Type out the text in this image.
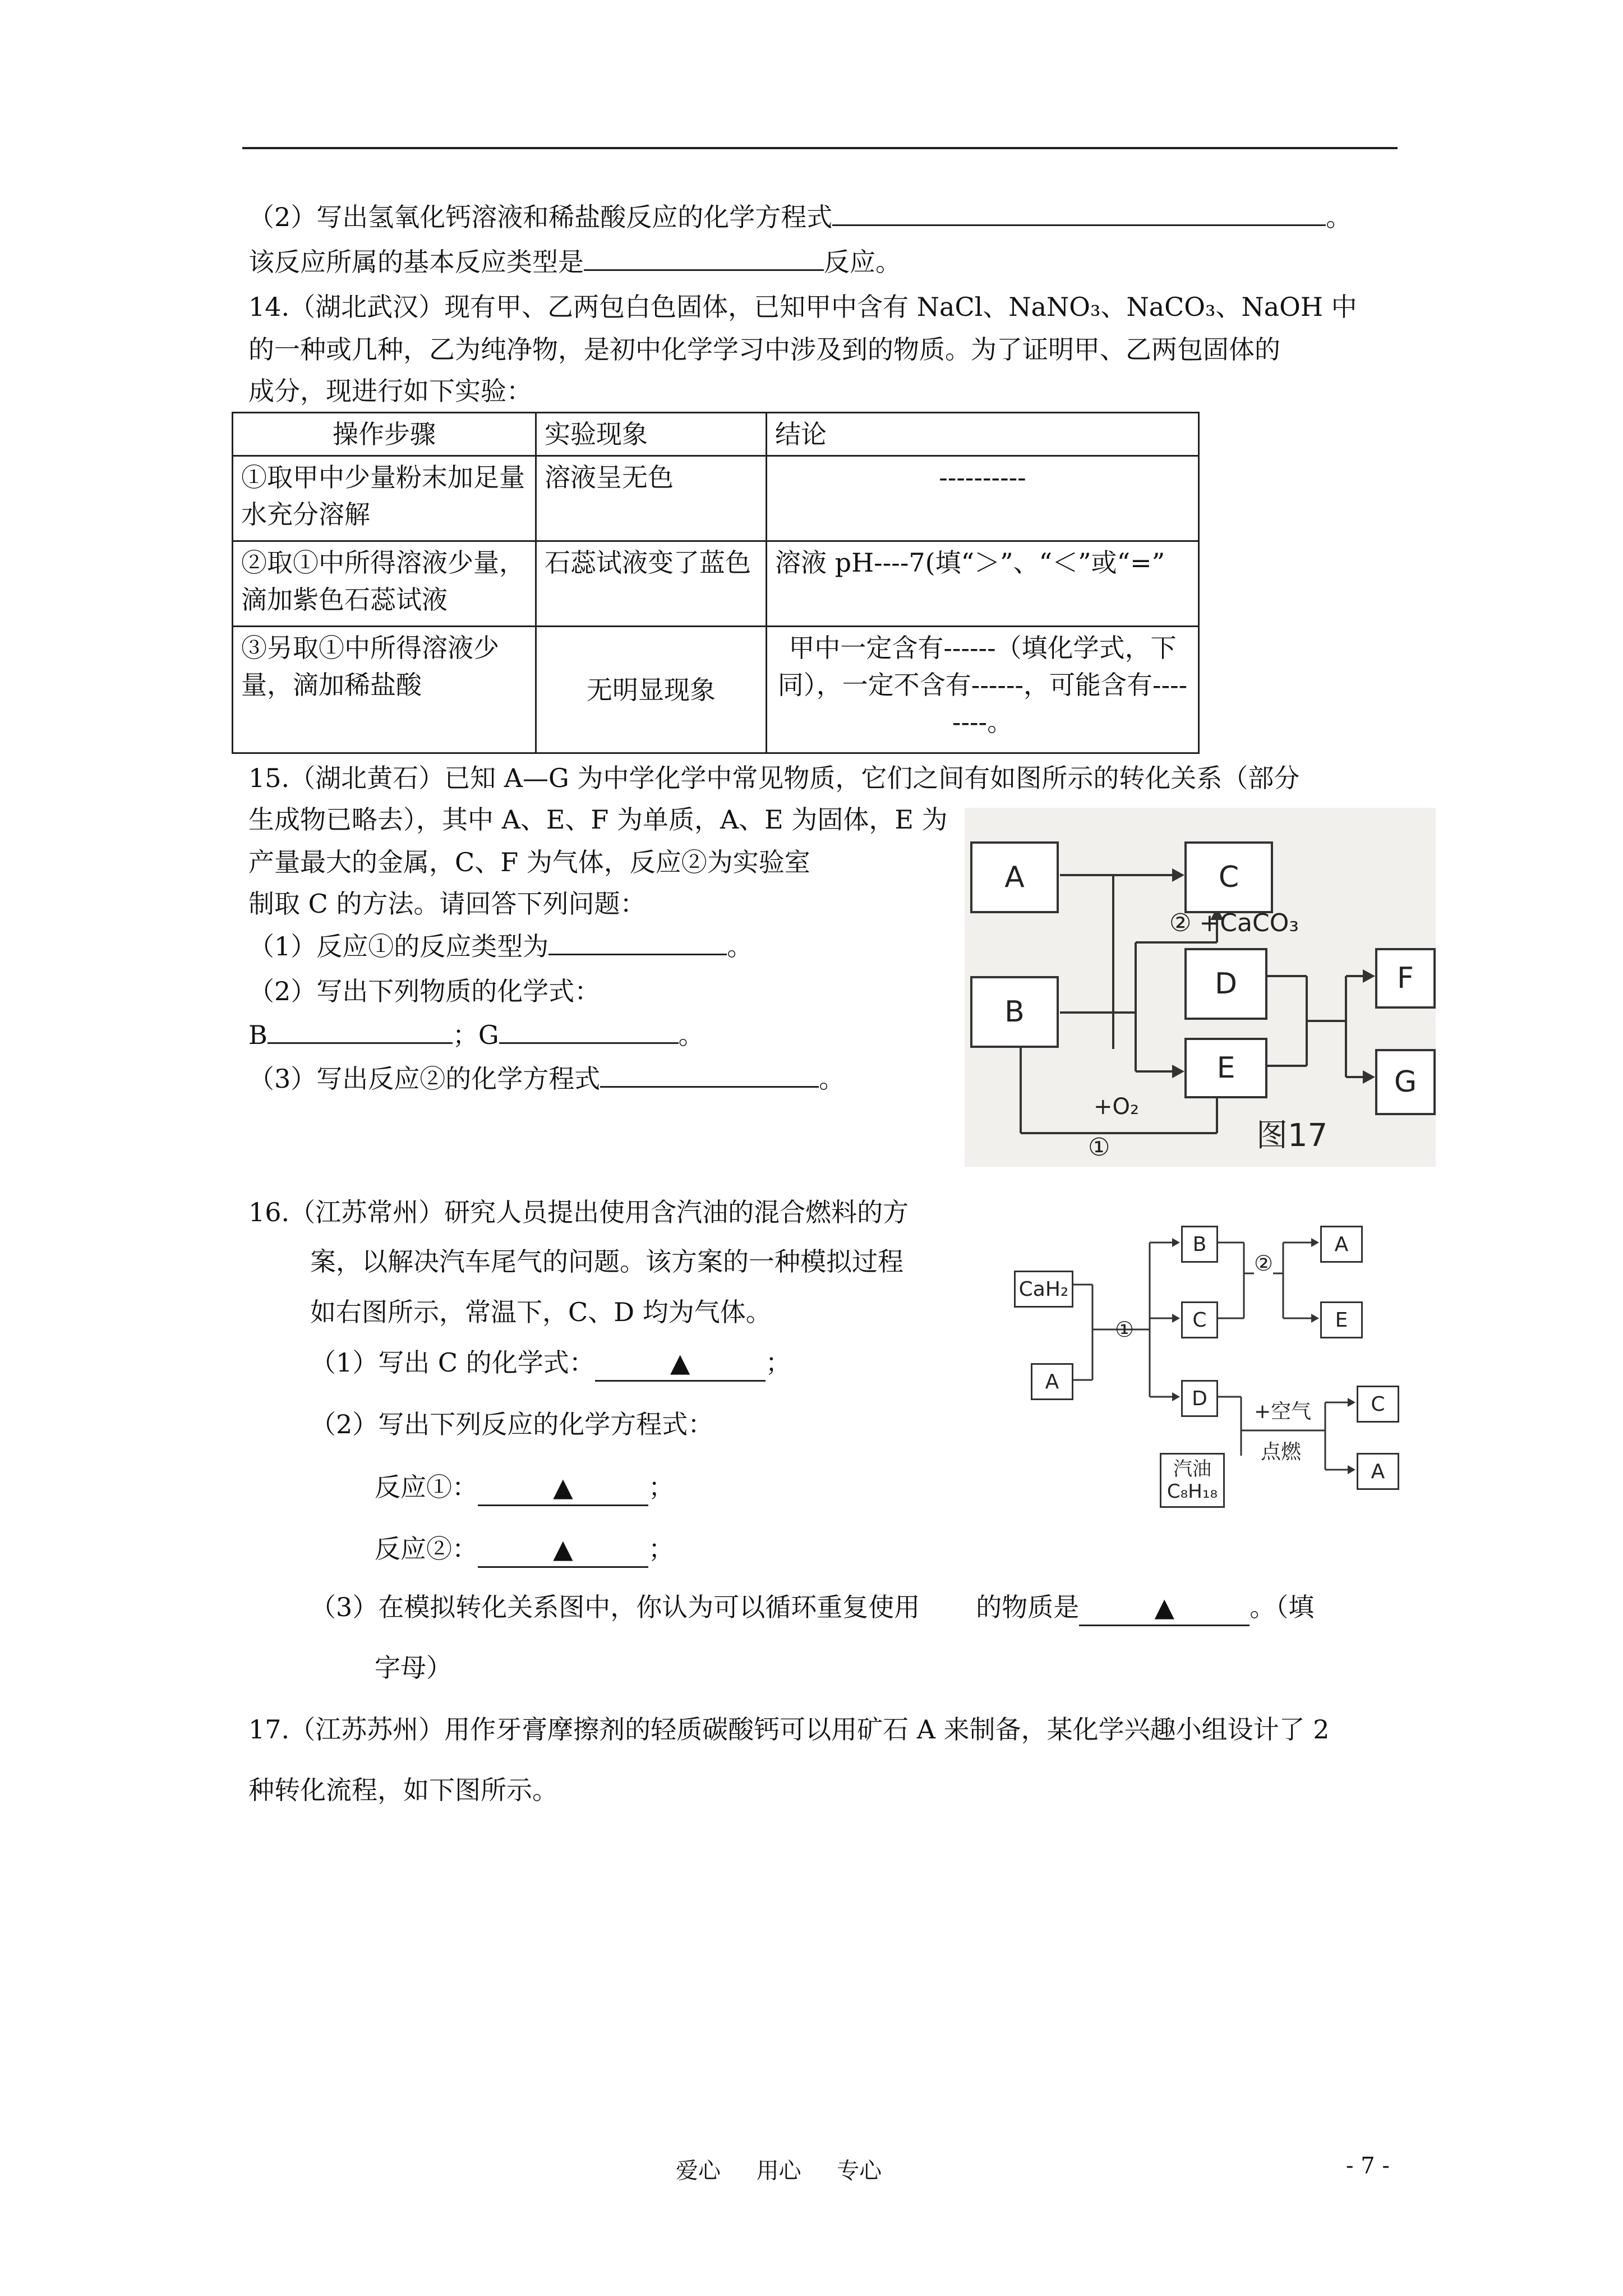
（2）写出氢氧化钙溶液和稀盐酸反应的化学方程式	。
该反应所属的基本反应类型是	反应。
14.（湖北武汉）现有甲、乙两包白色固体，已知甲中含有 NaCl、NaNO₃、NaCO₃、NaOH 中
的一种或几种，乙为纯净物，是初中化学学习中涉及到的物质。为了证明甲、乙两包固体的
成分，现进行如下实验：
操作步骤	实验现象	结论
①取甲中少量粉末加足量水充分溶解	溶液呈无色	----------
②取①中所得溶液少量，滴加紫色石蕊试液	石蕊试液变了蓝色	溶液 pH----7(填“＞”、“＜”或“=”
③另取①中所得溶液少量，滴加稀盐酸	无明显现象	甲中一定含有------（填化学式，下同），一定不含有------，可能含有--------。
15.（湖北黄石）已知 A—G 为中学化学中常见物质，它们之间有如图所示的转化关系（部分
生成物已略去），其中 A、E、F 为单质，A、E 为固体，E 为
产量最大的金属，C、F 为气体，反应②为实验室
制取 C 的方法。请回答下列问题：
（1）反应①的反应类型为	。
（2）写出下列物质的化学式：
B	；G	。
（3）写出反应②的化学方程式	。
A
B
C
D
E
F
G
② +CaCO₃
+O₂
①	图17
16.（江苏常州）研究人员提出使用含汽油的混合燃料的方
案，以解决汽车尾气的问题。该方案的一种模拟过程
如右图所示，常温下，C、D 均为气体。
（1）写出 C 的化学式：	▲	；
（2）写出下列反应的化学方程式：
反应①：	▲	；
反应②：	▲	；
（3）在模拟转化关系图中，你认为可以循环重复使用 的物质是	▲	。（填
字母）
CaH₂
A
①
B
C
D
②
A
E
+空气
点燃
C
A
汽油
C₈H₁₈
17.（江苏苏州）用作牙膏摩擦剂的轻质碳酸钙可以用矿石 A 来制备，某化学兴趣小组设计了 2
种转化流程，如下图所示。
爱心     用心     专心	- 7 -
